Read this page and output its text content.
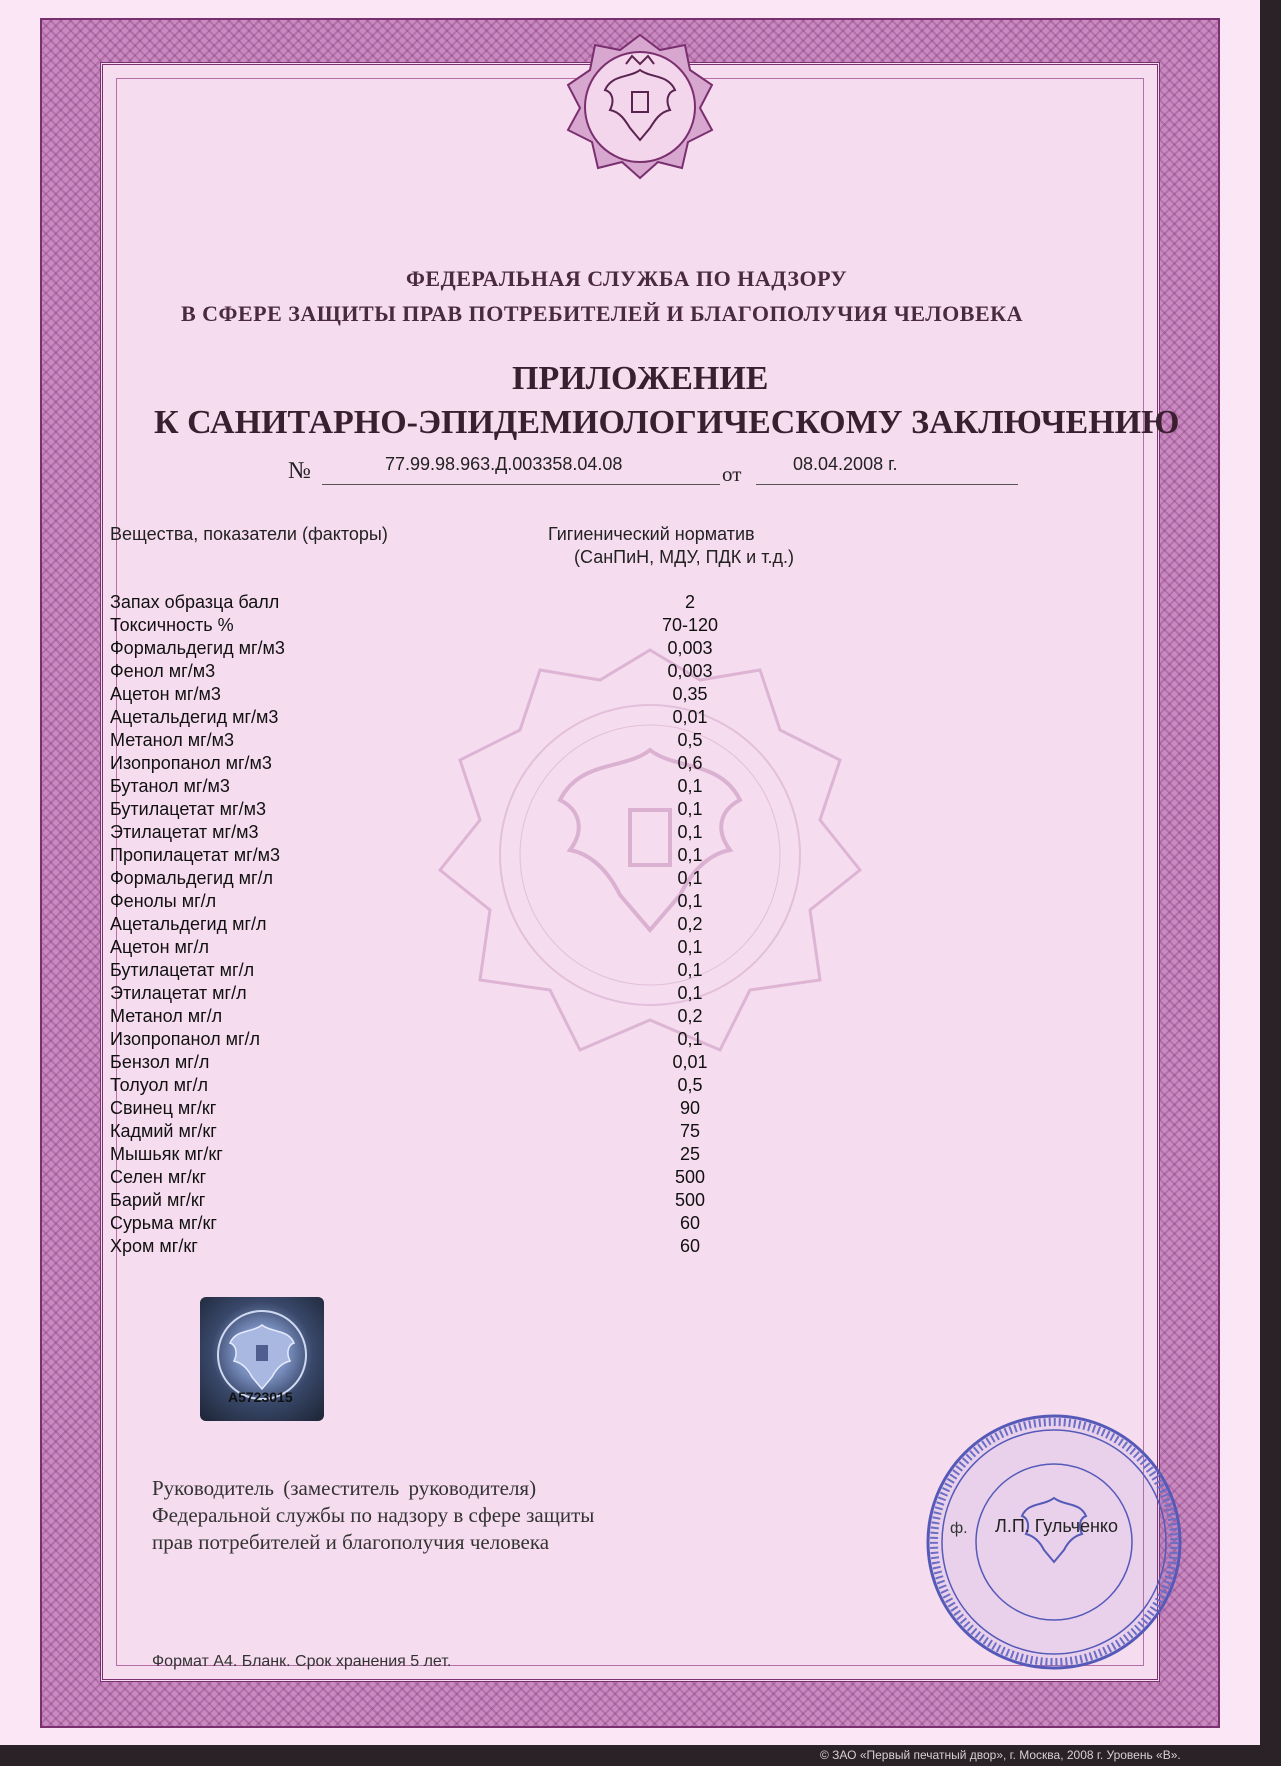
ФЕДЕРАЛЬНАЯ СЛУЖБА ПО НАДЗОРУ
В СФЕРЕ ЗАЩИТЫ ПРАВ ПОТРЕБИТЕЛЕЙ И БЛАГОПОЛУЧИЯ ЧЕЛОВЕКА
ПРИЛОЖЕНИЕ
К САНИТАРНО-ЭПИДЕМИОЛОГИЧЕСКОМУ ЗАКЛЮЧЕНИЮ
№	77.99.98.963.Д.003358.04.08	от	08.04.2008 г.
Вещества, показатели (факторы)	Гигиенический норматив
(СанПиН, МДУ, ПДК и т.д.)
Запах образца балл	2
Токсичность %	70-120
Формальдегид мг/м3	0,003
Фенол мг/м3	0,003
Ацетон мг/м3	0,35
Ацетальдегид мг/м3	0,01
Метанол мг/м3	0,5
Изопропанол мг/м3	0,6
Бутанол мг/м3	0,1
Бутилацетат мг/м3	0,1
Этилацетат мг/м3	0,1
Пропилацетат мг/м3	0,1
Формальдегид мг/л	0,1
Фенолы мг/л	0,1
Ацетальдегид мг/л	0,2
Ацетон мг/л	0,1
Бутилацетат мг/л	0,1
Этилацетат мг/л	0,1
Метанол мг/л	0,2
Изопропанол мг/л	0,1
Бензол мг/л	0,01
Толуол мг/л	0,5
Свинец мг/кг	90
Кадмий мг/кг	75
Мышьяк мг/кг	25
Селен мг/кг	500
Барий мг/кг	500
Сурьма мг/кг	60
Хром мг/кг	60
A5723015
Руководитель (заместитель руководителя)
Федеральной службы по надзору в сфере защиты
прав потребителей и благополучия человека
ф. Л.П. Гульченко
Формат А4. Бланк. Срок хранения 5 лет.
© ЗАО «Первый печатный двор», г. Москва, 2008 г. Уровень «В».
